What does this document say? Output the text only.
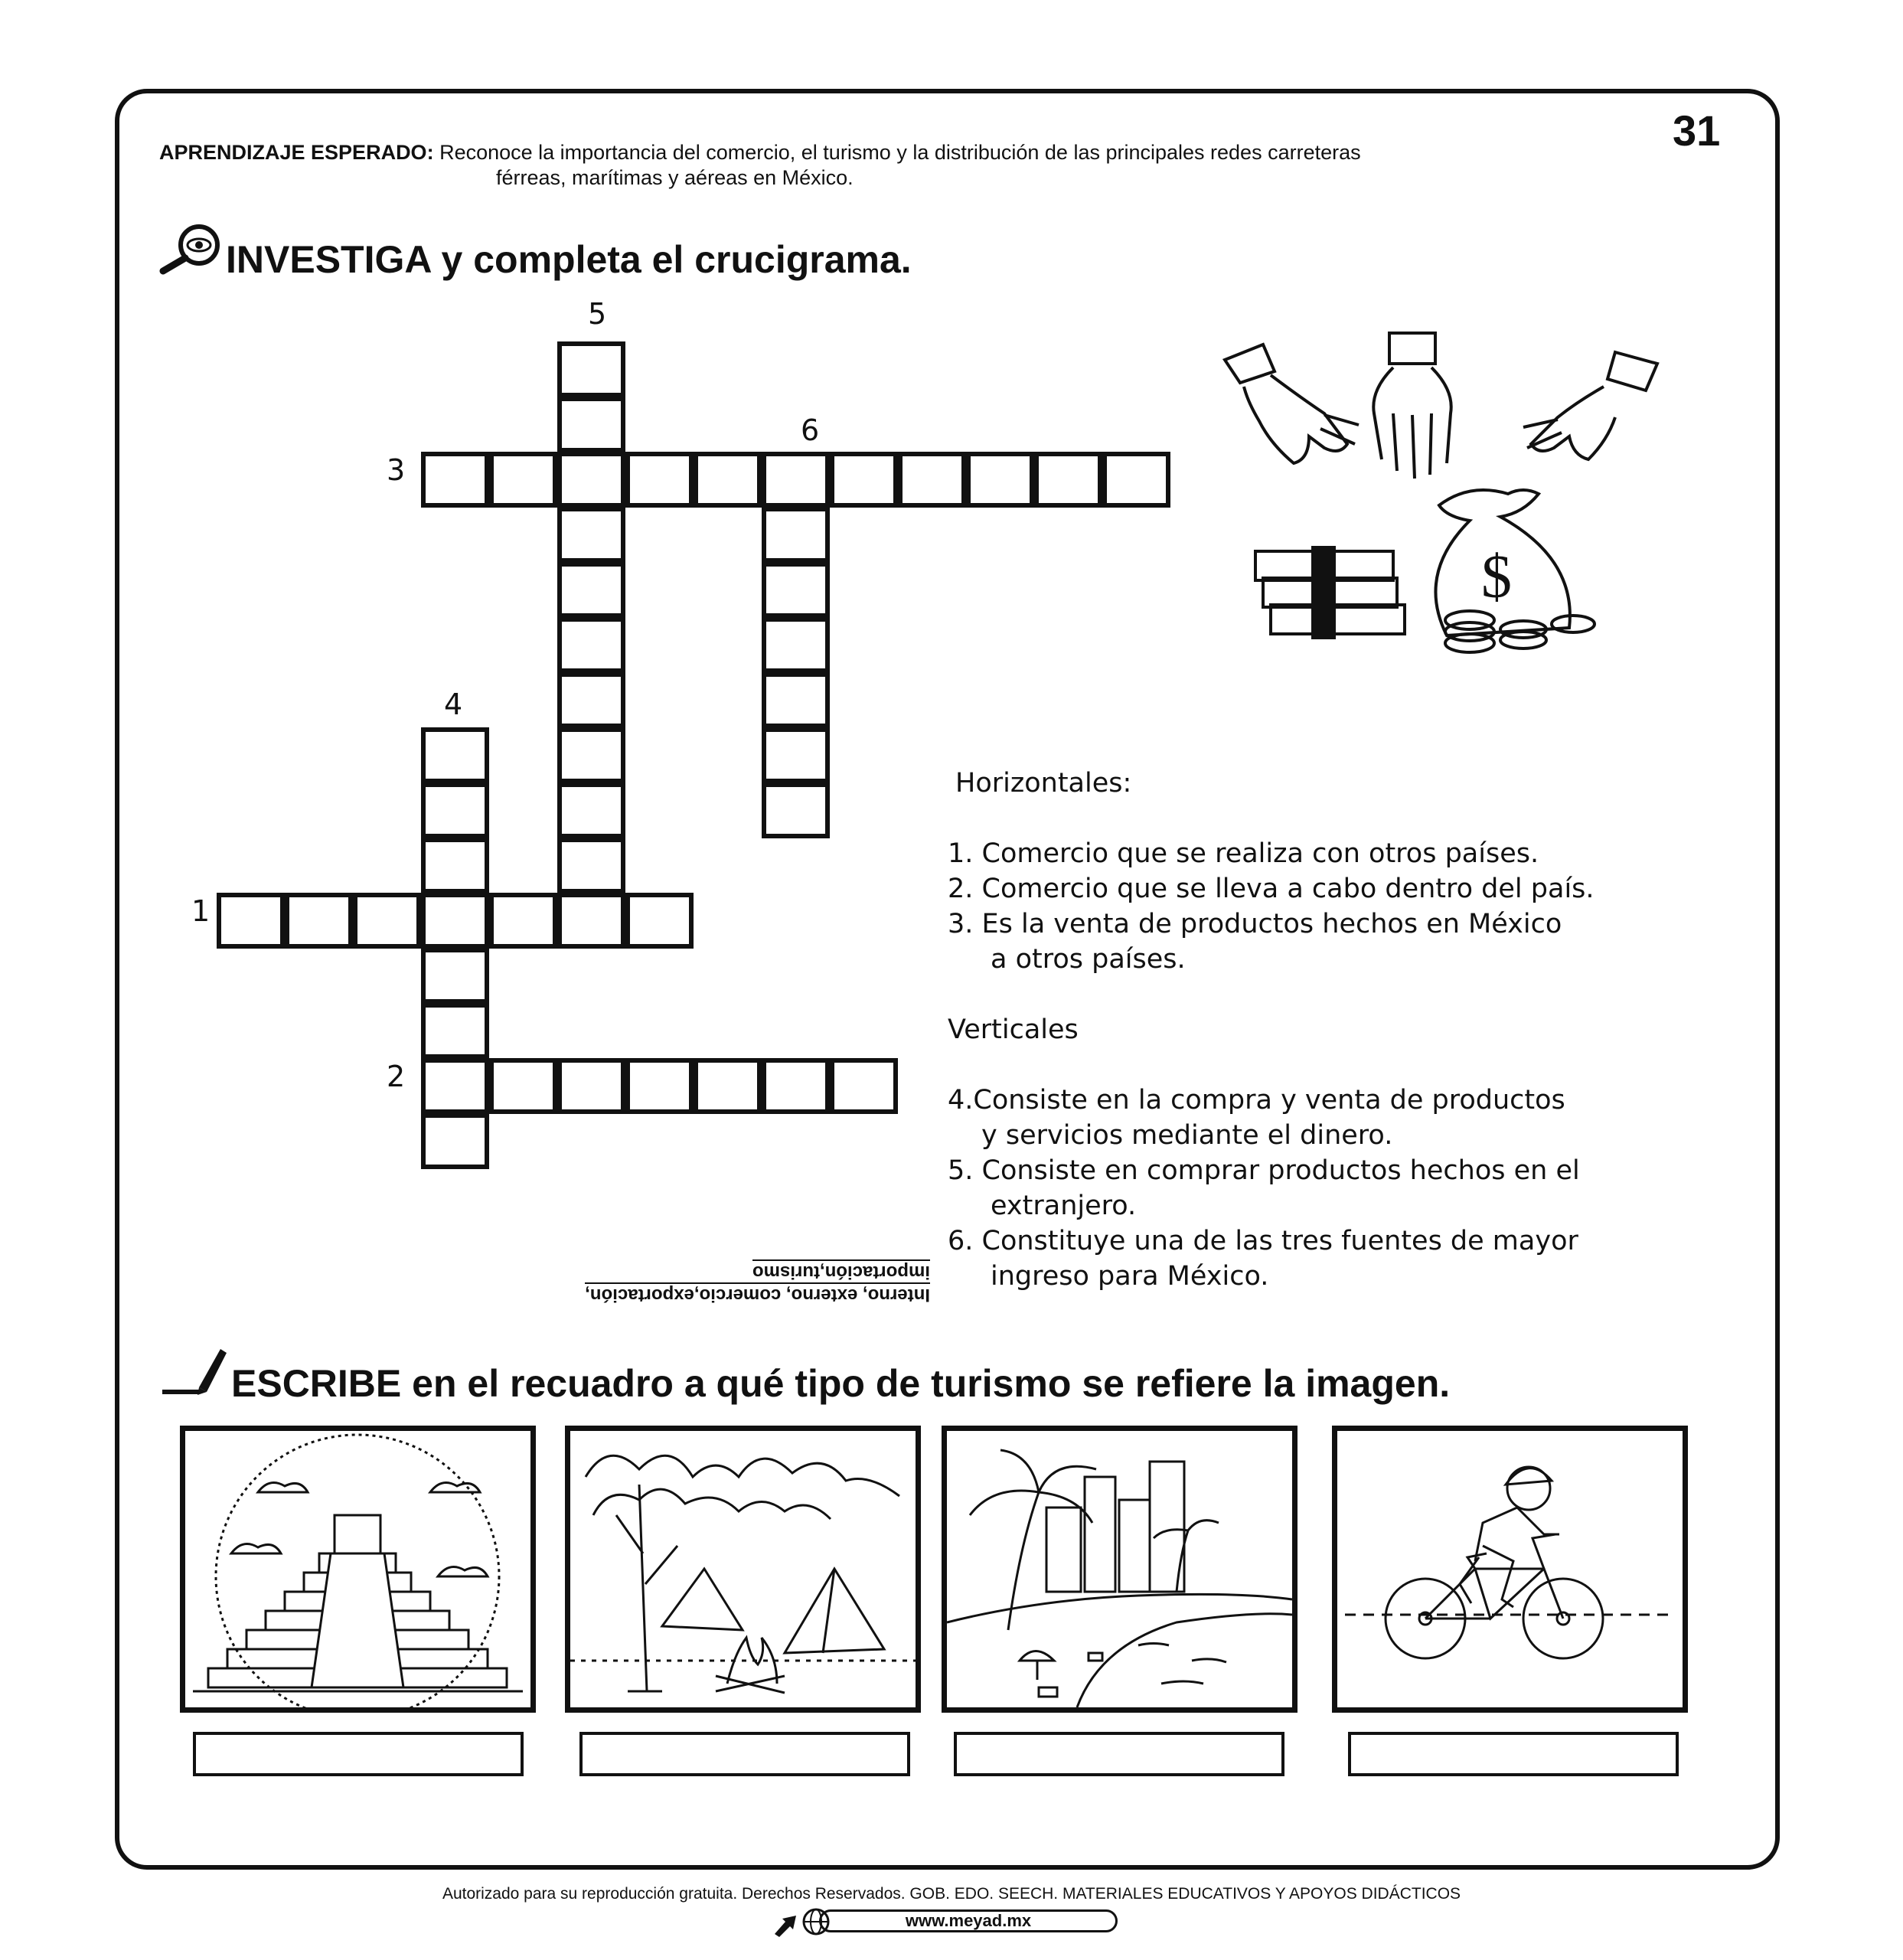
31
APRENDIZAJE ESPERADO: Reconoce la importancia del comercio, el turismo y la distribución de las principales redes carreteras
férreas, marítimas y aéreas en México.
INVESTIGA y completa el crucigrama.
5
6
3
4
1
2
$
Horizontales:
1. Comercio que se realiza con otros países.
2. Comercio que se lleva a cabo dentro del país.
3. Es la venta de productos hechos en México
a otros países.
Verticales
4.Consiste en la compra y venta de productos
y servicios mediante el dinero.
5. Consiste en comprar productos hechos en el
extranjero.
6. Constituye una de las tres fuentes de mayor
ingreso para México.
Interno, externo, comercio,exportación,
importación,turismo
ESCRIBE en el recuadro a qué tipo de turismo se refiere la imagen.
Autorizado para su reproducción gratuita. Derechos Reservados. GOB. EDO. SEECH. MATERIALES EDUCATIVOS Y APOYOS DIDÁCTICOS
www.meyad.mx
